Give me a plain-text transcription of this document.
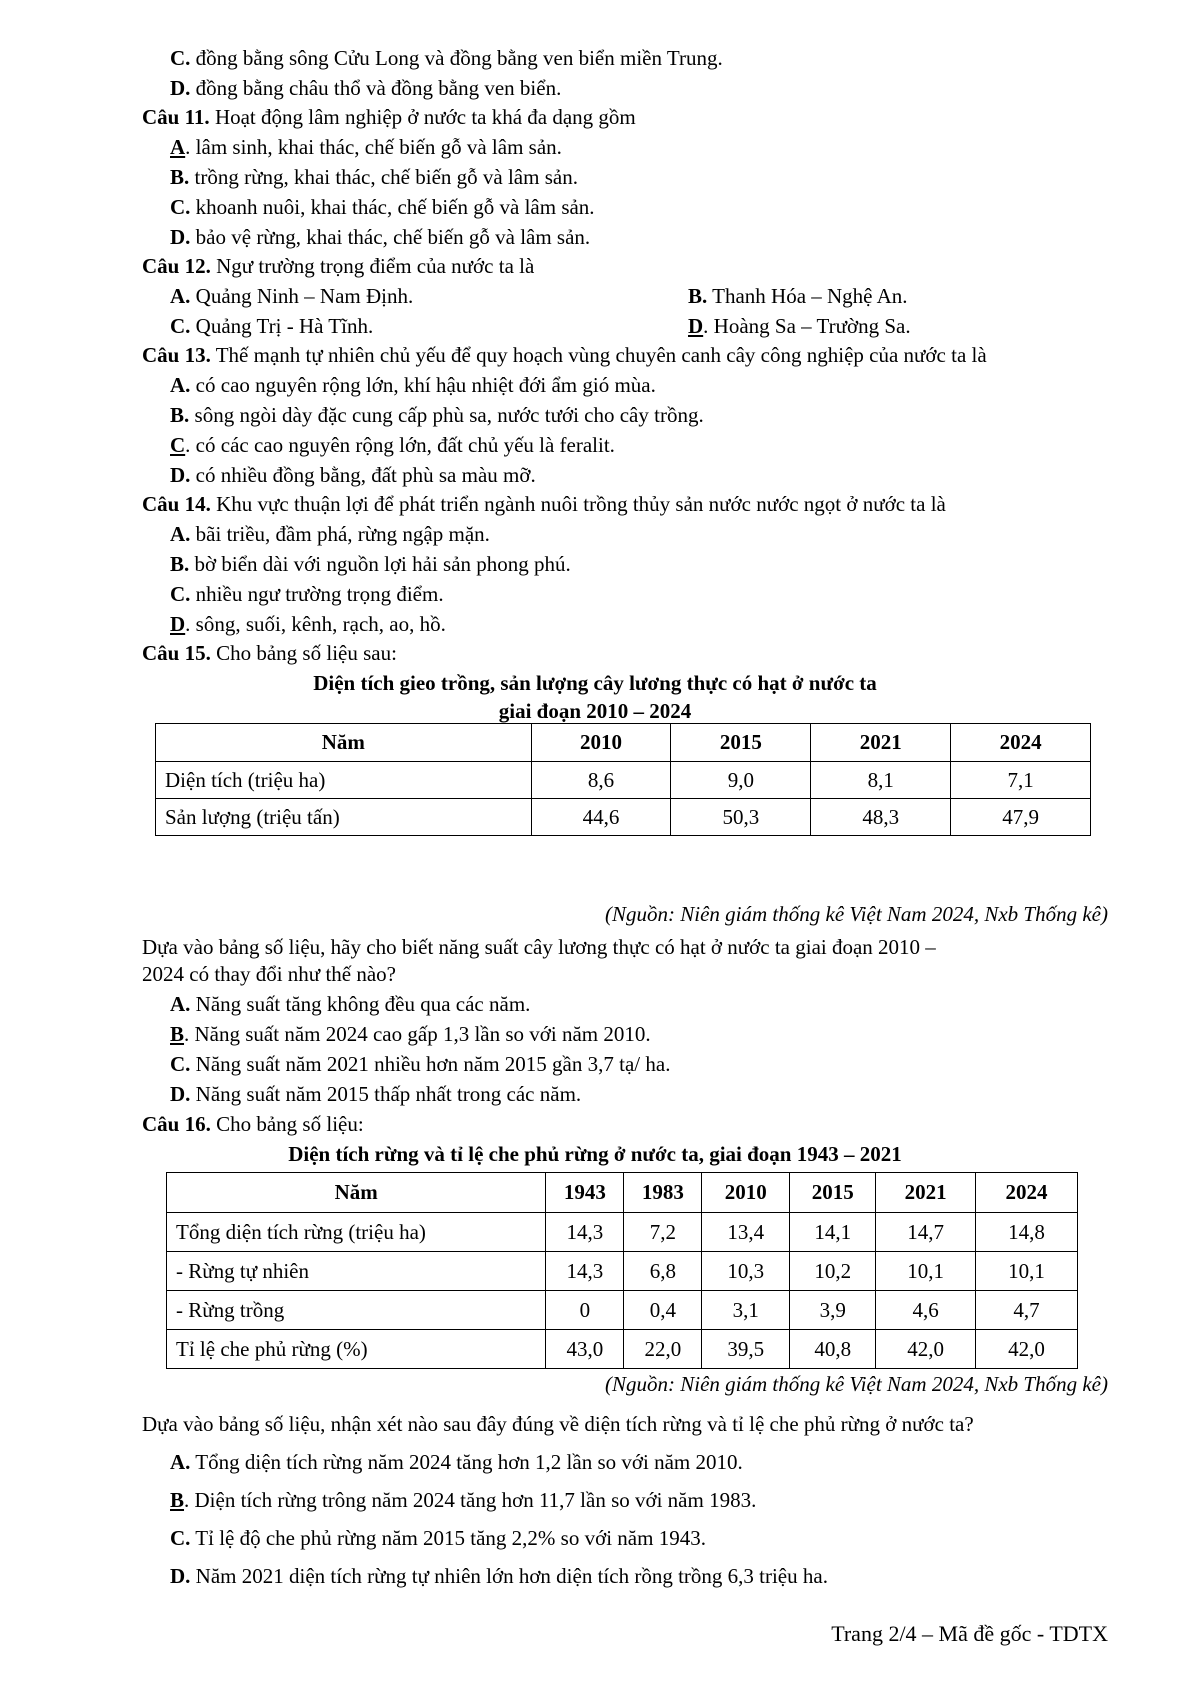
C. đồng bằng sông Cửu Long và đồng bằng ven biển miền Trung.
D. đồng bằng châu thổ và đồng bằng ven biển.
Câu 11. Hoạt động lâm nghiệp ở nước ta khá đa dạng gồm
A. lâm sinh, khai thác, chế biến gỗ và lâm sản.
B. trồng rừng, khai thác, chế biến gỗ và lâm sản.
C. khoanh nuôi, khai thác, chế biến gỗ và lâm sản.
D. bảo vệ rừng, khai thác, chế biến gỗ và lâm sản.
Câu 12. Ngư trường trọng điểm của nước ta là
A. Quảng Ninh – Nam Định.	B. Thanh Hóa – Nghệ An.
C. Quảng Trị - Hà Tĩnh.	D. Hoàng Sa – Trường Sa.
Câu 13. Thế mạnh tự nhiên chủ yếu để quy hoạch vùng chuyên canh cây công nghiệp của nước ta là
A. có cao nguyên rộng lớn, khí hậu nhiệt đới ẩm gió mùa.
B. sông ngòi dày đặc cung cấp phù sa, nước tưới cho cây trồng.
C. có các cao nguyên rộng lớn, đất chủ yếu là feralit.
D. có nhiều đồng bằng, đất phù sa màu mỡ.
Câu 14. Khu vực thuận lợi để phát triển ngành nuôi trồng thủy sản nước nước ngọt ở nước ta là
A. bãi triều, đầm phá, rừng ngập mặn.
B. bờ biển dài với nguồn lợi hải sản phong phú.
C. nhiều ngư trường trọng điểm.
D. sông, suối, kênh, rạch, ao, hồ.
Câu 15. Cho bảng số liệu sau:
Diện tích gieo trồng, sản lượng cây lương thực có hạt ở nước ta
giai đoạn 2010 – 2024
Năm	2010	2015	2021	2024
Diện tích (triệu ha)	8,6	9,0	8,1	7,1
Sản lượng (triệu tấn)	44,6	50,3	48,3	47,9
(Nguồn: Niên giám thống kê Việt Nam 2024, Nxb Thống kê)
Dựa vào bảng số liệu, hãy cho biết năng suất cây lương thực có hạt ở nước ta giai đoạn 2010 –
2024 có thay đổi như thế nào?
A. Năng suất tăng không đều qua các năm.
B. Năng suất năm 2024 cao gấp 1,3 lần so với năm 2010.
C. Năng suất năm 2021 nhiều hơn năm 2015 gần 3,7 tạ/ ha.
D. Năng suất năm 2015 thấp nhất trong các năm.
Câu 16. Cho bảng số liệu:
Diện tích rừng và tỉ lệ che phủ rừng ở nước ta, giai đoạn 1943 – 2021
Năm	1943	1983	2010	2015	2021	2024
Tổng diện tích rừng (triệu ha)	14,3	7,2	13,4	14,1	14,7	14,8
- Rừng tự nhiên	14,3	6,8	10,3	10,2	10,1	10,1
- Rừng trồng	0	0,4	3,1	3,9	4,6	4,7
Tỉ lệ che phủ rừng (%)	43,0	22,0	39,5	40,8	42,0	42,0
(Nguồn: Niên giám thống kê Việt Nam 2024, Nxb Thống kê)
Dựa vào bảng số liệu, nhận xét nào sau đây đúng về diện tích rừng và tỉ lệ che phủ rừng ở nước ta?
A. Tổng diện tích rừng năm 2024 tăng hơn 1,2 lần so với năm 2010.
B. Diện tích rừng trông năm 2024 tăng hơn 11,7 lần so với năm 1983.
C. Tỉ lệ độ che phủ rừng năm 2015 tăng 2,2% so với năm 1943.
D. Năm 2021 diện tích rừng tự nhiên lớn hơn diện tích rồng trồng 6,3 triệu ha.
Trang 2/4 – Mã đề gốc - TDTX
